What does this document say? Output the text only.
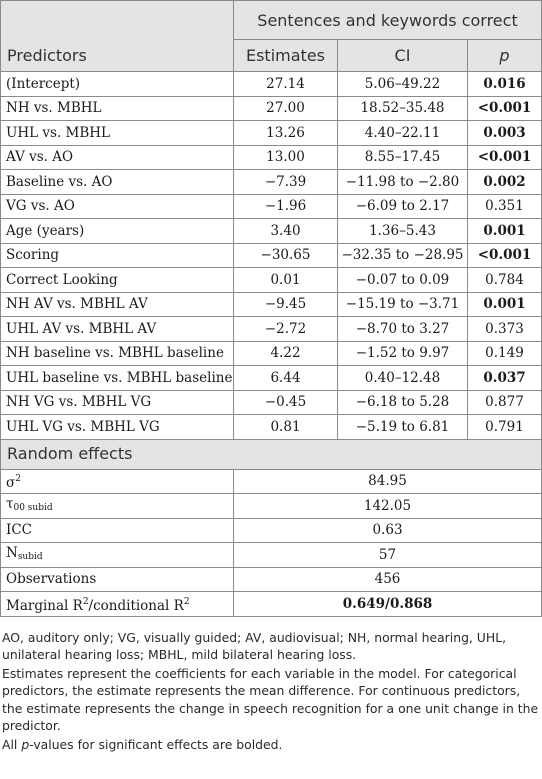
Predictors	Sentences and keywords correct		
	Estimates	CI	p
(Intercept)	27.14	5.06–49.22	0.016
NH vs. MBHL	27.00	18.52–35.48	<0.001
UHL vs. MBHL	13.26	4.40–22.11	0.003
AV vs. AO	13.00	8.55–17.45	<0.001
Baseline vs. AO	−7.39	−11.98 to −2.80	0.002
VG vs. AO	−1.96	−6.09 to 2.17	0.351
Age (years)	3.40	1.36–5.43	0.001
Scoring	−30.65	−32.35 to −28.95	<0.001
Correct Looking	0.01	−0.07 to 0.09	0.784
NH AV vs. MBHL AV	−9.45	−15.19 to −3.71	0.001
UHL AV vs. MBHL AV	−2.72	−8.70 to 3.27	0.373
NH baseline vs. MBHL baseline	4.22	−1.52 to 9.97	0.149
UHL baseline vs. MBHL baseline	6.44	0.40–12.48	0.037
NH VG vs. MBHL VG	−0.45	−6.18 to 5.28	0.877
UHL VG vs. MBHL VG	0.81	−5.19 to 6.81	0.791
Random effects			
$\sigma^2$	84.95		
τ00 subid	142.05		
ICC	0.63		
Nsubid	57		
Observations	456		
Marginal $R^2$/conditional $R^2$	0.649/0.868		

AO, auditory only; VG, visually guided; AV, audiovisual; NH, normal hearing, UHL, unilateral hearing loss; MBHL, mild bilateral hearing loss.

Estimates represent the coefficients for each variable in the model. For categorical predictors, the estimate represents the mean difference. For continuous predictors, the estimate represents the change in speech recognition for a one unit change in the predictor.

All p-values for significant effects are bolded.
